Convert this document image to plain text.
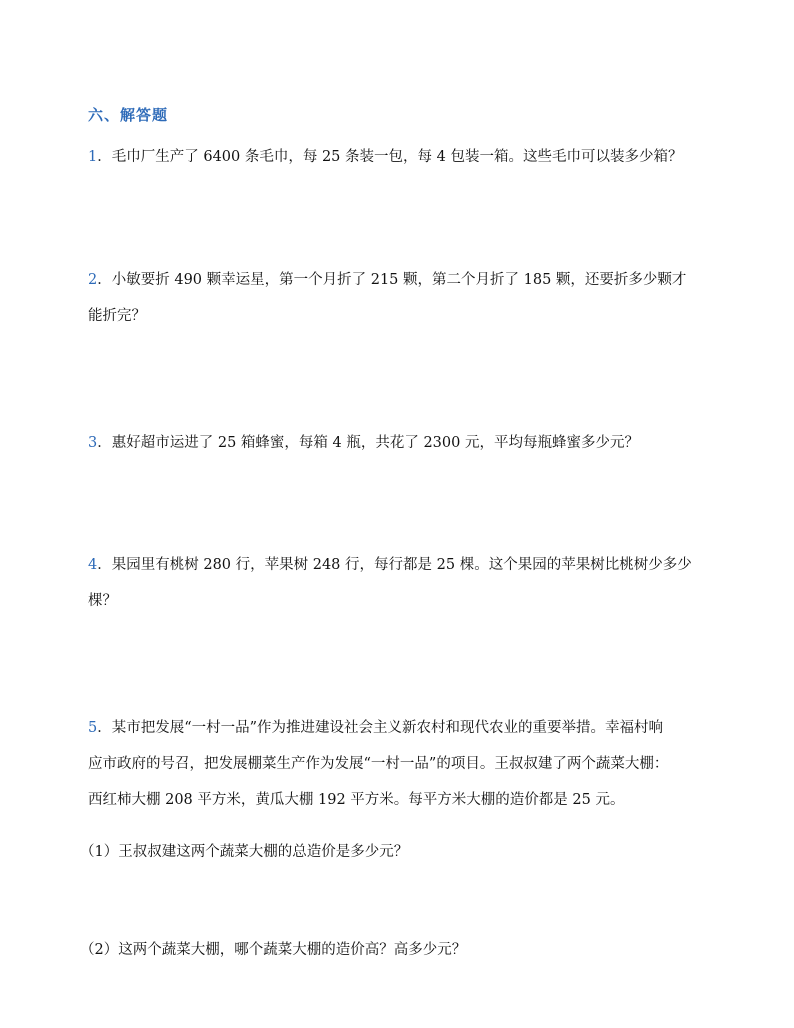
六、解答题
1．毛巾厂生产了 6400 条毛巾，每 25 条装一包，每 4 包装一箱。这些毛巾可以装多少箱？
2．小敏要折 490 颗幸运星，第一个月折了 215 颗，第二个月折了 185 颗，还要折多少颗才
能折完？
3．惠好超市运进了 25 箱蜂蜜，每箱 4 瓶，共花了 2300 元，平均每瓶蜂蜜多少元？
4．果园里有桃树 280 行，苹果树 248 行，每行都是 25 棵。这个果园的苹果树比桃树少多少
棵？
5．某市把发展“一村一品”作为推进建设社会主义新农村和现代农业的重要举措。幸福村响
应市政府的号召，把发展棚菜生产作为发展“一村一品”的项目。王叔叔建了两个蔬菜大棚：
西红柿大棚 208 平方米，黄瓜大棚 192 平方米。每平方米大棚的造价都是 25 元。
（1）王叔叔建这两个蔬菜大棚的总造价是多少元？
（2）这两个蔬菜大棚，哪个蔬菜大棚的造价高？高多少元？
